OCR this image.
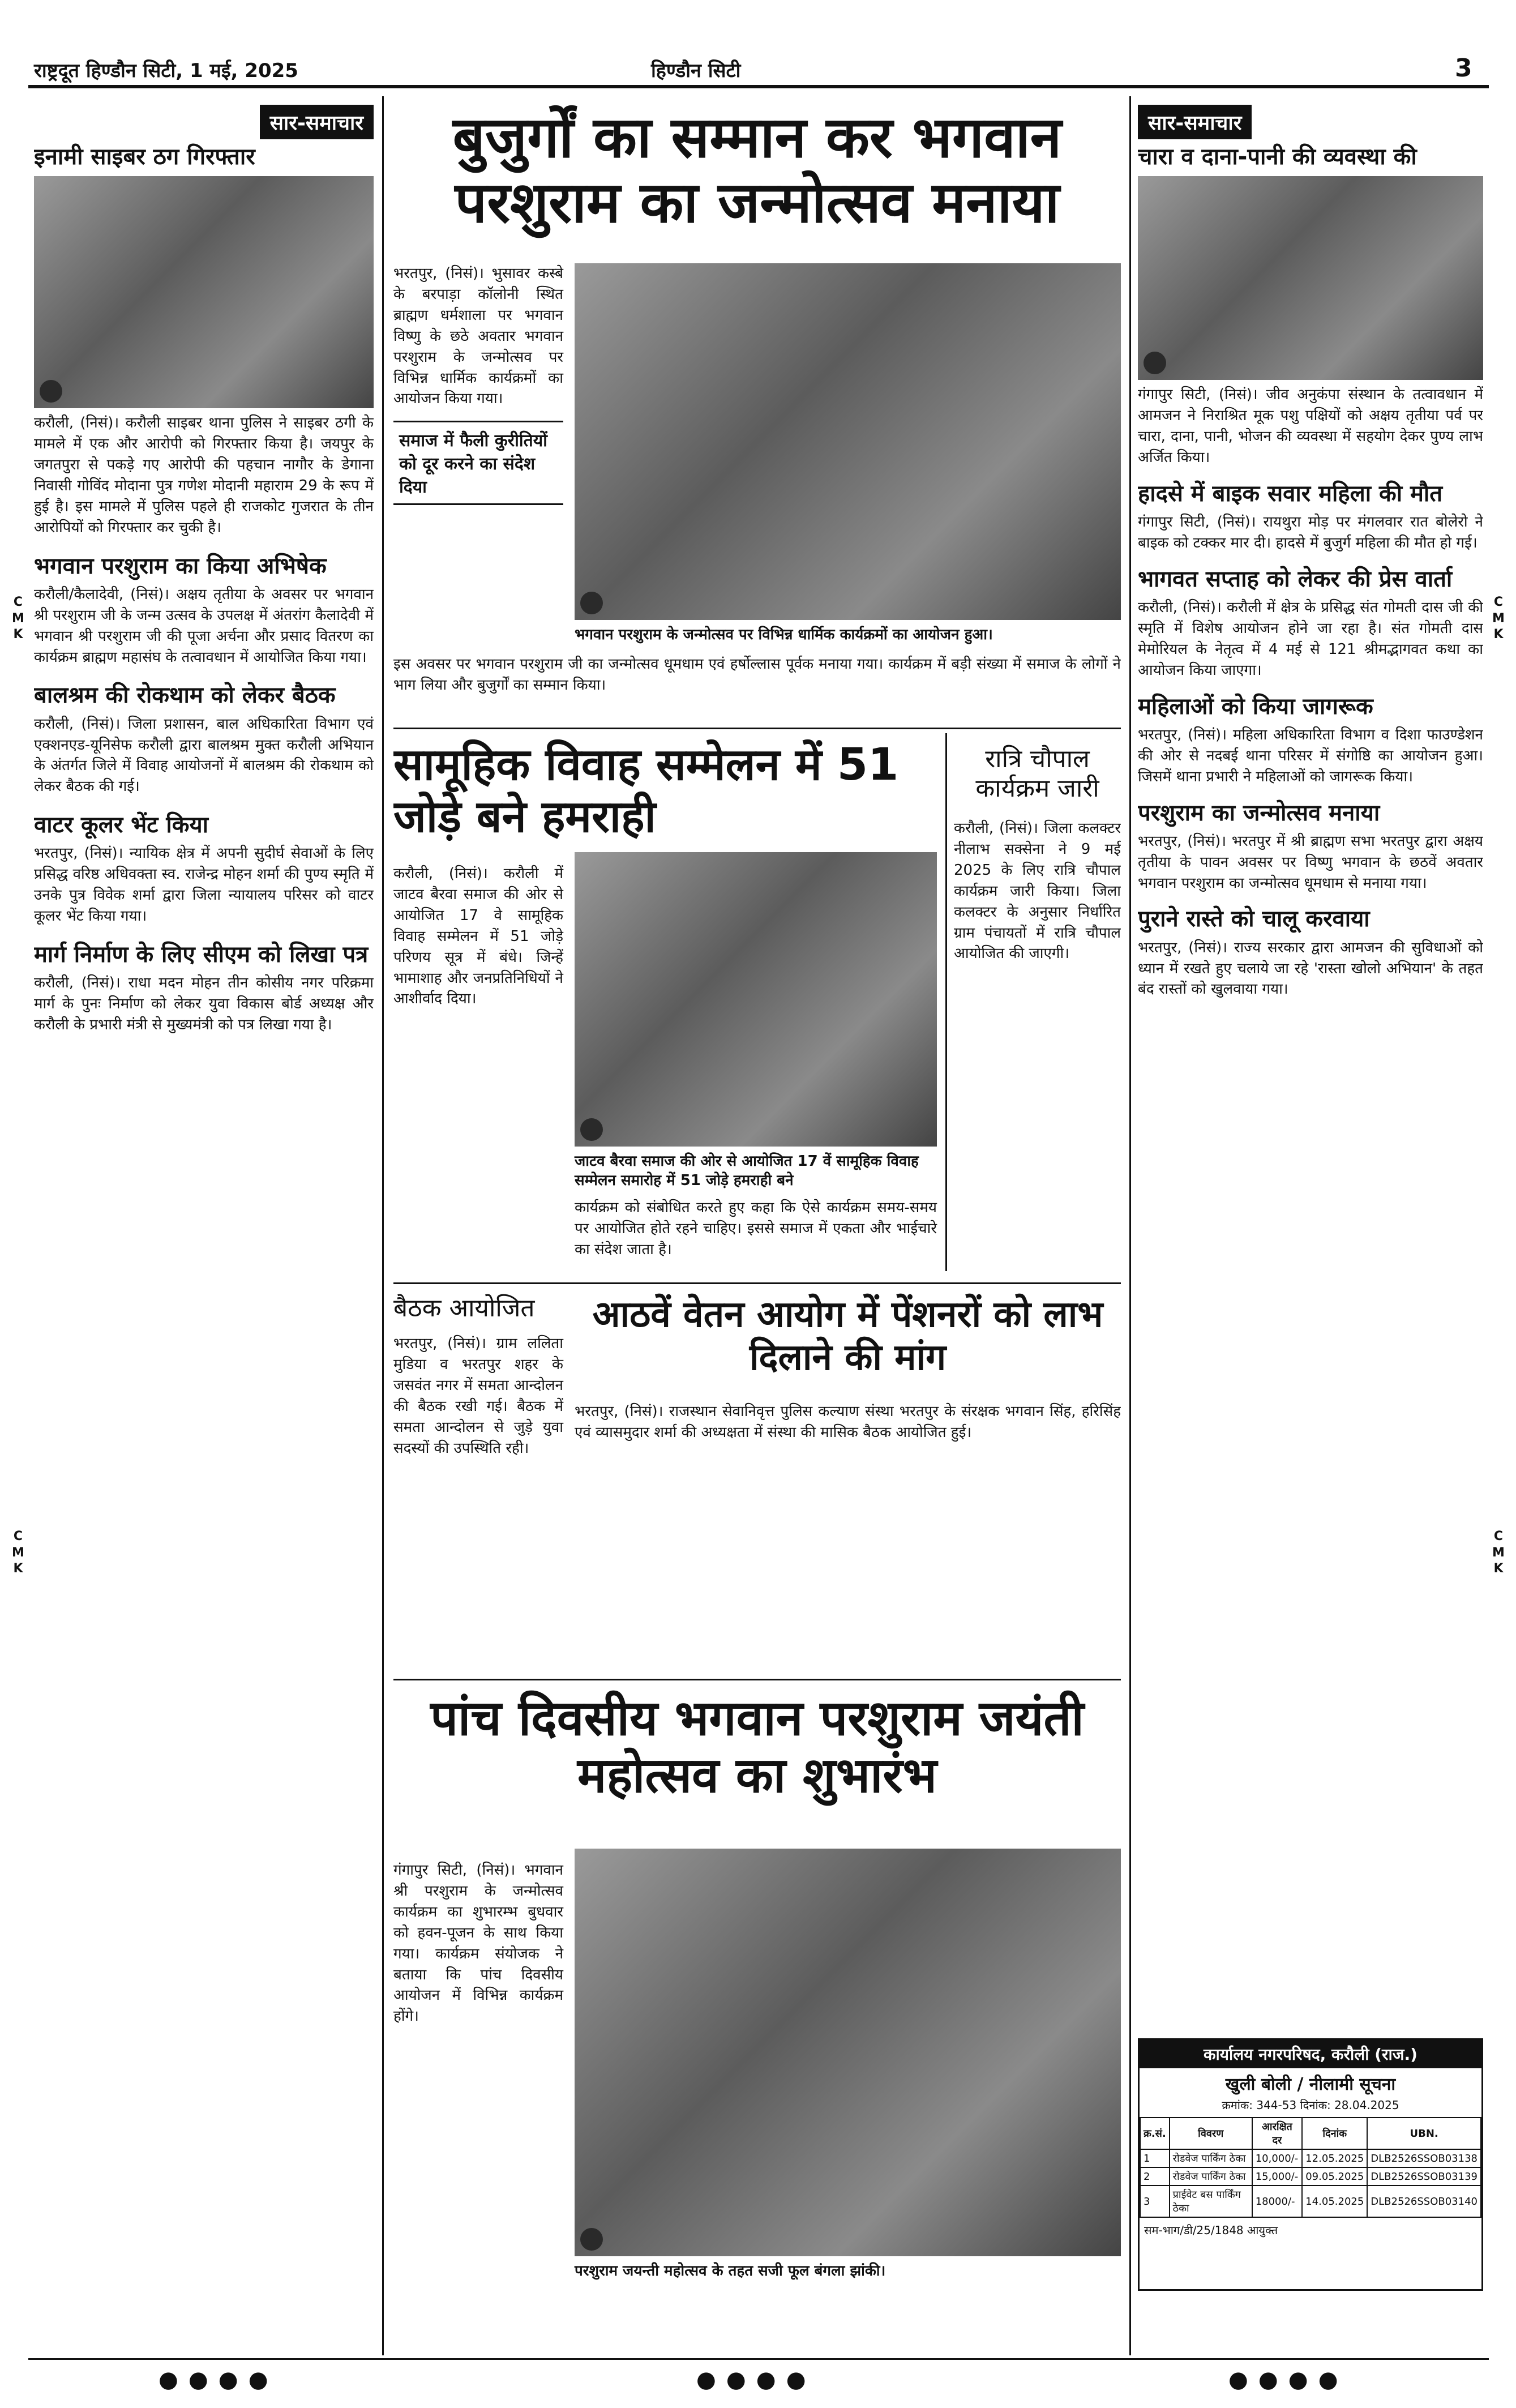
राष्ट्रदूत हिण्डौन सिटी, 1 मई, 2025	हिण्डौन सिटी	3
C
M
K
C
M
K
C
M
K
C
M
K
सार-समाचार
इनामी साइबर ठग गिरफ्तार

करौली, (निसं)। करौली साइबर थाना पुलिस ने साइबर ठगी के मामले में एक और आरोपी को गिरफ्तार किया है। जयपुर के जगतपुरा से पकड़े गए आरोपी की पहचान नागौर के डेगाना निवासी गोविंद मोदाना पुत्र गणेश मोदानी महाराम 29 के रूप में हुई है। इस मामले में पुलिस पहले ही राजकोट गुजरात के तीन आरोपियों को गिरफ्तार कर चुकी है।

भगवान परशुराम का किया अभिषेक

करौली/कैलादेवी, (निसं)। अक्षय तृतीया के अवसर पर भगवान श्री परशुराम जी के जन्म उत्सव के उपलक्ष में अंतरांग कैलादेवी में भगवान श्री परशुराम जी की पूजा अर्चना और प्रसाद वितरण का कार्यक्रम ब्राह्मण महासंघ के तत्वावधान में आयोजित किया गया।

बालश्रम की रोकथाम को लेकर बैठक

करौली, (निसं)। जिला प्रशासन, बाल अधिकारिता विभाग एवं एक्शनएड-यूनिसेफ करौली द्वारा बालश्रम मुक्त करौली अभियान के अंतर्गत जिले में विवाह आयोजनों में बालश्रम की रोकथाम को लेकर बैठक की गई।

वाटर कूलर भेंट किया

भरतपुर, (निसं)। न्यायिक क्षेत्र में अपनी सुदीर्घ सेवाओं के लिए प्रसिद्ध वरिष्ठ अधिवक्ता स्व. राजेन्द्र मोहन शर्मा की पुण्य स्मृति में उनके पुत्र विवेक शर्मा द्वारा जिला न्यायालय परिसर को वाटर कूलर भेंट किया गया।

मार्ग निर्माण के लिए सीएम को लिखा पत्र

करौली, (निसं)। राधा मदन मोहन तीन कोसीय नगर परिक्रमा मार्ग के पुनः निर्माण को लेकर युवा विकास बोर्ड अध्यक्ष और करौली के प्रभारी मंत्री से मुख्यमंत्री को पत्र लिखा गया है।

बुजुर्गों का सम्मान कर भगवान परशुराम का जन्मोत्सव मनाया

भरतपुर, (निसं)। भुसावर कस्बे के बरपाड़ा कॉलोनी स्थित ब्राह्मण धर्मशाला पर भगवान विष्णु के छठे अवतार भगवान परशुराम के जन्मोत्सव पर विभिन्न धार्मिक कार्यक्रमों का आयोजन किया गया।

समाज में फैली कुरीतियों को दूर करने का संदेश दिया
भगवान परशुराम के जन्मोत्सव पर विभिन्न धार्मिक कार्यक्रमों का आयोजन हुआ।

इस अवसर पर भगवान परशुराम जी का जन्मोत्सव धूमधाम एवं हर्षोल्लास पूर्वक मनाया गया। कार्यक्रम में बड़ी संख्या में समाज के लोगों ने भाग लिया और बुजुर्गों का सम्मान किया।

सामूहिक विवाह सम्मेलन में 51 जोड़े बने हमराही

करौली, (निसं)। करौली में जाटव बैरवा समाज की ओर से आयोजित 17 वे सामूहिक विवाह सम्मेलन में 51 जोड़े परिणय सूत्र में बंधे। जिन्हें भामाशाह और जनप्रतिनिधियों ने आशीर्वाद दिया।

जाटव बैरवा समाज की ओर से आयोजित 17 वें सामूहिक विवाह सम्मेलन समारोह में 51 जोड़े हमराही बने

कार्यक्रम को संबोधित करते हुए कहा कि ऐसे कार्यक्रम समय-समय पर आयोजित होते रहने चाहिए। इससे समाज में एकता और भाईचारे का संदेश जाता है।

रात्रि चौपाल कार्यक्रम जारी

करौली, (निसं)। जिला कलक्टर नीलाभ सक्सेना ने 9 मई 2025 के लिए रात्रि चौपाल कार्यक्रम जारी किया। जिला कलक्टर के अनुसार निर्धारित ग्राम पंचायतों में रात्रि चौपाल आयोजित की जाएगी।

बैठक आयोजित

भरतपुर, (निसं)। ग्राम ललिता मुडिया व भरतपुर शहर के जसवंत नगर में समता आन्दोलन की बैठक रखी गई। बैठक में समता आन्दोलन से जुड़े युवा सदस्यों की उपस्थिति रही।

आठवें वेतन आयोग में पेंशनरों को लाभ दिलाने की मांग

भरतपुर, (निसं)। राजस्थान सेवानिवृत्त पुलिस कल्याण संस्था भरतपुर के संरक्षक भगवान सिंह, हरिसिंह एवं व्यासमुदार शर्मा की अध्यक्षता में संस्था की मासिक बैठक आयोजित हुई।

पांच दिवसीय भगवान परशुराम जयंती महोत्सव का शुभारंभ

गंगापुर सिटी, (निसं)। भगवान श्री परशुराम के जन्मोत्सव कार्यक्रम का शुभारम्भ बुधवार को हवन-पूजन के साथ किया गया। कार्यक्रम संयोजक ने बताया कि पांच दिवसीय आयोजन में विभिन्न कार्यक्रम होंगे।

परशुराम जयन्ती महोत्सव के तहत सजी फूल बंगला झांकी।
सार-समाचार
चारा व दाना-पानी की व्यवस्था की

गंगापुर सिटी, (निसं)। जीव अनुकंपा संस्थान के तत्वावधान में आमजन ने निराश्रित मूक पशु पक्षियों को अक्षय तृतीया पर्व पर चारा, दाना, पानी, भोजन की व्यवस्था में सहयोग देकर पुण्य लाभ अर्जित किया।

हादसे में बाइक सवार महिला की मौत

गंगापुर सिटी, (निसं)। रायथुरा मोड़ पर मंगलवार रात बोलेरो ने बाइक को टक्कर मार दी। हादसे में बुजुर्ग महिला की मौत हो गई।

भागवत सप्ताह को लेकर की प्रेस वार्ता

करौली, (निसं)। करौली में क्षेत्र के प्रसिद्ध संत गोमती दास जी की स्मृति में विशेष आयोजन होने जा रहा है। संत गोमती दास मेमोरियल के नेतृत्व में 4 मई से 121 श्रीमद्भागवत कथा का आयोजन किया जाएगा।

महिलाओं को किया जागरूक

भरतपुर, (निसं)। महिला अधिकारिता विभाग व दिशा फाउण्डेशन की ओर से नदबई थाना परिसर में संगोष्ठि का आयोजन हुआ। जिसमें थाना प्रभारी ने महिलाओं को जागरूक किया।

परशुराम का जन्मोत्सव मनाया

भरतपुर, (निसं)। भरतपुर में श्री ब्राह्मण सभा भरतपुर द्वारा अक्षय तृतीया के पावन अवसर पर विष्णु भगवान के छठवें अवतार भगवान परशुराम का जन्मोत्सव धूमधाम से मनाया गया।

पुराने रास्ते को चालू करवाया

भरतपुर, (निसं)। राज्य सरकार द्वारा आमजन की सुविधाओं को ध्यान में रखते हुए चलाये जा रहे 'रास्ता खोलो अभियान' के तहत बंद रास्तों को खुलवाया गया।

कार्यालय नगरपरिषद, करौली (राज.)
खुली बोली / नीलामी सूचना
क्रमांक: 344-53 दिनांक: 28.04.2025
क्र.सं.	विवरण	आरक्षित दर	दिनांक	UBN.
1	रोडवेज पार्किंग ठेका	10,000/-	12.05.2025	DLB2526SSOB03138
2	रोडवेज पार्किंग ठेका	15,000/-	09.05.2025	DLB2526SSOB03139
3	प्राईवेट बस पार्किंग ठेका	18000/-	14.05.2025	DLB2526SSOB03140
सम-भाग/डी/25/1848 आयुक्त
●●●●	●●●●	●●●●
